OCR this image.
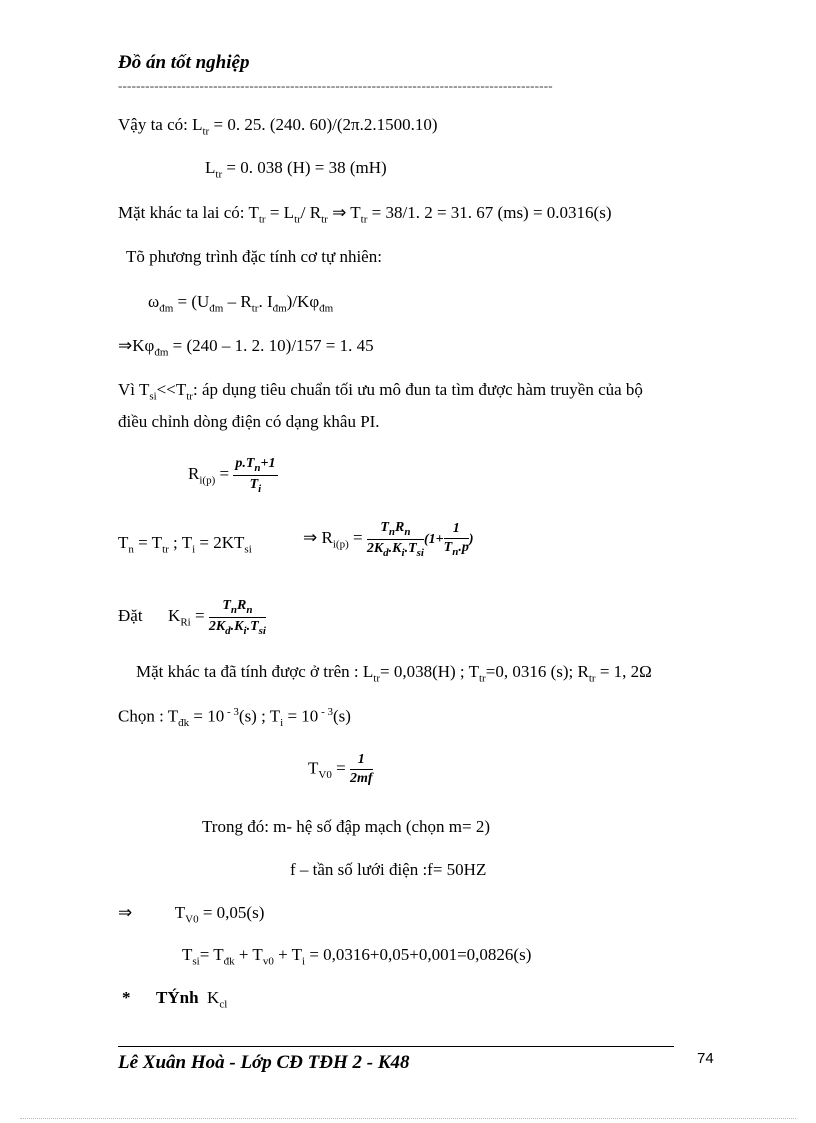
Đồ án tốt nghiệp
------------------------------------------------------------------------------------------------
Vậy ta có: $L_{tr} = 0$. 25. (240. 60)/(2π.2.1500.10)
$L_{tr} = 0$. 038 (H) = 38 (mH)
Mặt khác ta lai có: $T_{tr} = L_{tr}/$ $R_{tr}$ ⇒ $T_{tr} = 38/1$. 2 = 31. 67 (ms) = 0.0316(s)
Tõ phương trình đặc tính cơ tự nhiên:
$\omega_{đm} = (U_{đm} - R_{tr}$. $I_{đm})/K\varphi_{đm}$
$\Rightarrow K\varphi_{đm} = (240 - 1$. 2. 10)/157 = 1. 45
Vì $T_{si}<<T_{tr}$: áp dụng tiêu chuẩn tối ưu mô đun ta tìm được hàm truyền của bộ
điều chỉnh dòng điện có dạng khâu PI.
$R_{i(p)} = \frac{p.T_n+1}{T_i}$
$T_n = T_{tr}$ ; $T_i = 2KT_{si}$
⇒ $R_{i(p)} = \frac{T_nR_n}{2K_d.K_i.T_{si}} (1+ \frac{1}{T_n.p}$ )
Đặt $K_{Ri} = \frac{T_nR_n}{2K_d.K_i.T_{si}}$
Mặt khác ta đã tính được ở trên : $L_{tr}= 0,038(H)$ ; $T_{tr}=0$, 0316 (s); $R_{tr} = 1$, 2Ω
Chọn : $T_{đk} = 10$ $^{- 3}$(s) ; $T_i = 10$ $^{- 3}$(s)
$T_{V0} = \frac{1}{2mf}$
Trong đó: m- hệ số đập mạch (chọn m= 2)
f – tần số lưới điện :f= 50HZ
⇒	$T_{V0} = 0,05(s)$
$T_{si}= T_{đk} + T_{v0} + T_i = 0,0316+0,05+0,001=0,0826(s)$
* TÝnh $K_{cl}$
Lê Xuân Hoà - Lớp CĐ TĐH 2 - K48	74
